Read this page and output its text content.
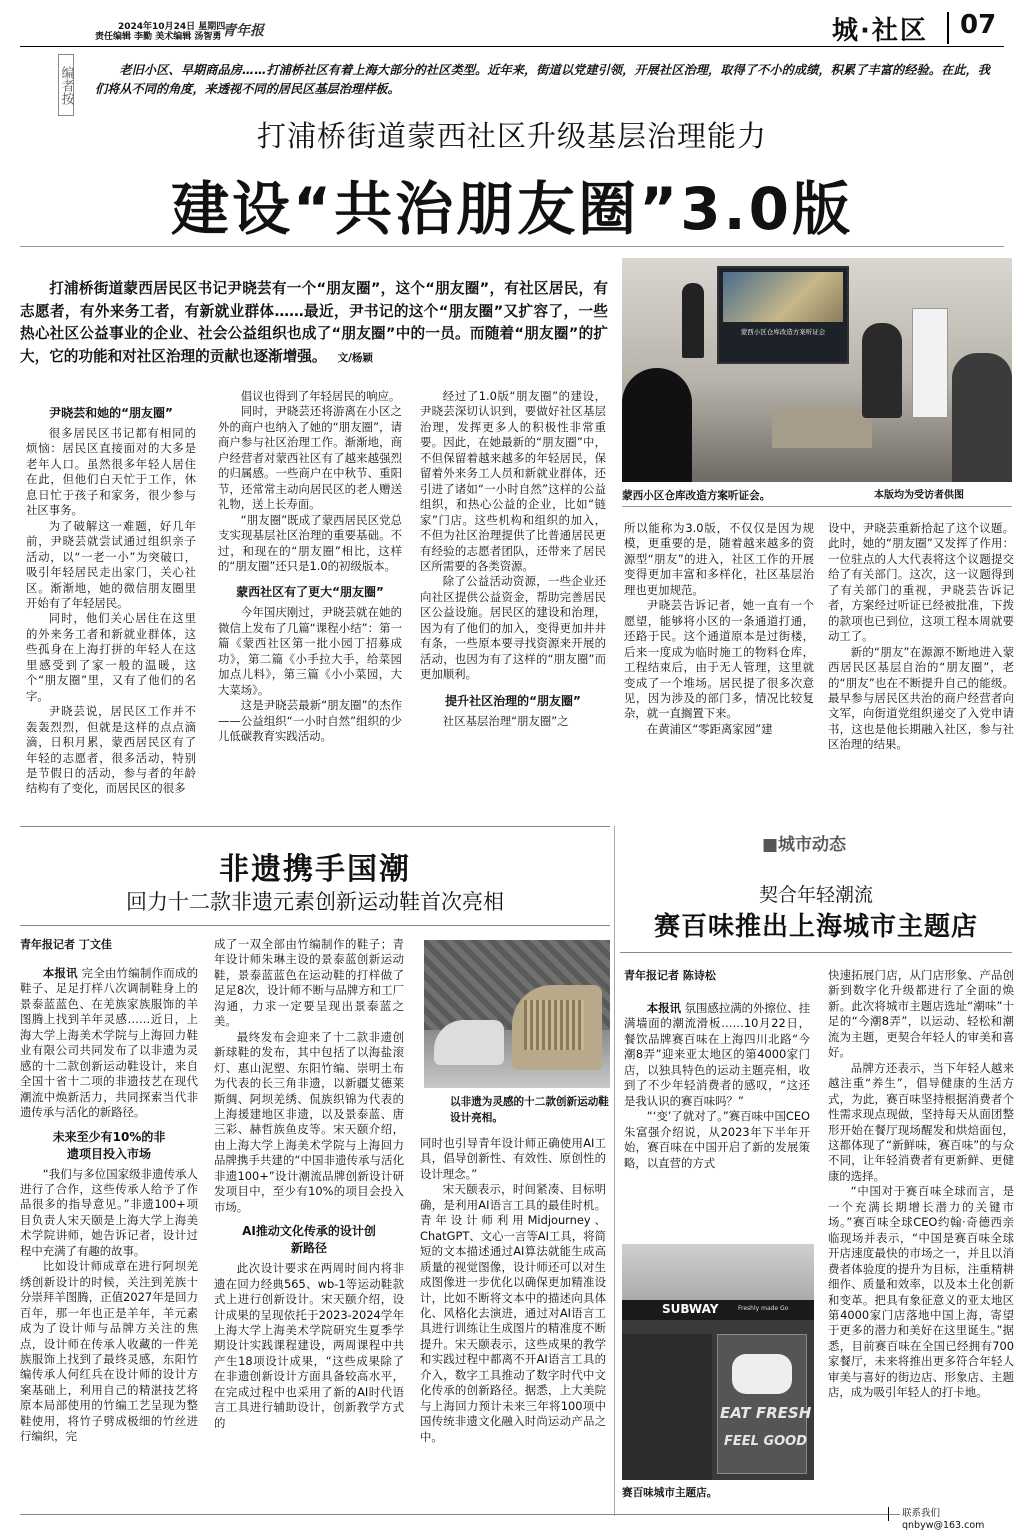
2024年10月24日 星期四
责任编辑 李勤 美术编辑 汤智勇 青年报	城·社区 07
编者按	老旧小区、早期商品房……打浦桥社区有着上海大部分的社区类型。近年来，街道以党建引领，开展社区治理，取得了不小的成绩，积累了丰富的经验。在此，我们将从不同的角度，来透视不同的居民区基层治理样板。
打浦桥街道蒙西社区升级基层治理能力
建设“共治朋友圈”3.0版
打浦桥街道蒙西居民区书记尹晓芸有一个“朋友圈”，这个“朋友圈”，有社区居民，有志愿者，有外来务工者，有新就业群体……最近，尹书记的这个“朋友圈”又扩容了，一些热心社区公益事业的企业、社会公益组织也成了“朋友圈”中的一员。而随着“朋友圈”的扩大，它的功能和对社区治理的贡献也逐渐增强。 文/杨颖
蒙西小区仓库改造方案听证会
蒙西小区仓库改造方案听证会。	本版均为受访者供图
尹晓芸和她的“朋友圈”

很多居民区书记都有相同的烦恼：居民区直接面对的大多是老年人口。虽然很多年轻人居住在此，但他们白天忙于工作，休息日忙于孩子和家务，很少参与社区事务。

为了破解这一难题，好几年前，尹晓芸就尝试通过组织亲子活动，以“一老一小”为突破口，吸引年轻居民走出家门，关心社区。渐渐地，她的微信朋友圈里开始有了年轻居民。

同时，他们关心居住在这里的外来务工者和新就业群体，这些孤身在上海打拼的年轻人在这里感受到了家一般的温暖，这个“朋友圈”里，又有了他们的名字。

尹晓芸说，居民区工作并不轰轰烈烈，但就是这样的点点滴滴，日积月累，蒙西居民区有了年轻的志愿者，很多活动，特别是节假日的活动，参与者的年龄结构有了变化，而居民区的很多

倡议也得到了年轻居民的响应。

同时，尹晓芸还将游离在小区之外的商户也纳入了她的“朋友圈”，请商户参与社区治理工作。渐渐地，商户经营者对蒙西社区有了越来越强烈的归属感。一些商户在中秋节、重阳节，还常常主动向居民区的老人赠送礼物，送上长寿面。

“朋友圈”既成了蒙西居民区党总支实现基层社区治理的重要基础。不过，和现在的“朋友圈”相比，这样的“朋友圈”还只是1.0的初级版本。

蒙西社区有了更大“朋友圈”

今年国庆刚过，尹晓芸就在她的微信上发布了几篇“课程小结”：第一篇《蒙西社区第一批小园丁招募成功》，第二篇《小手拉大手，给菜园加点儿料》，第三篇《小小菜园，大大菜场》。

这是尹晓芸最新“朋友圈”的杰作——公益组织“一小时自然”组织的少儿低碳教育实践活动。

经过了1.0版“朋友圈”的建设，尹晓芸深切认识到，要做好社区基层治理，发挥更多人的积极性非常重要。因此，在她最新的“朋友圈”中，不但保留着越来越多的年轻居民，保留着外来务工人员和新就业群体，还引进了诸如“一小时自然”这样的公益组织，和热心公益的企业，比如“链家”门店。这些机构和组织的加入，不但为社区治理提供了比普通居民更有经验的志愿者团队，还带来了居民区所需要的各类资源。

除了公益活动资源，一些企业还向社区提供公益资金，帮助完善居民区公益设施。居民区的建设和治理，因为有了他们的加入，变得更加井井有条，一些原本要寻找资源来开展的活动，也因为有了这样的“朋友圈”而更加顺利。

提升社区治理的“朋友圈”

社区基层治理“朋友圈”之

所以能称为3.0版，不仅仅是因为规模，更重要的是，随着越来越多的资源型“朋友”的进入，社区工作的开展变得更加丰富和多样化，社区基层治理也更加规范。

尹晓芸告诉记者，她一直有一个愿望，能够将小区的一条通道打通，还路于民。这个通道原本是过街楼，后来一度成为临时施工的物料仓库，工程结束后，由于无人管理，这里就变成了一个堆场。居民提了很多次意见，因为涉及的部门多，情况比较复杂，就一直搁置下来。

在黄浦区“零距离家园”建

设中，尹晓芸重新拾起了这个议题。此时，她的“朋友圈”又发挥了作用：一位驻点的人大代表将这个议题提交给了有关部门。这次，这一议题得到了有关部门的重视，尹晓芸告诉记者，方案经过听证已经被批准，下拨的款项也已到位，这项工程本周就要动工了。

新的“朋友”在源源不断地进入蒙西居民区基层自治的“朋友圈”，老的“朋友”也在不断提升自己的能级。最早参与居民区共治的商户经营者向文军，向街道党组织递交了入党申请书，这也是他长期融入社区，参与社区治理的结果。

非遗携手国潮
回力十二款非遗元素创新运动鞋首次亮相
青年报记者 丁文佳

本报讯 完全由竹编制作而成的鞋子、足足打样八次调制鞋身上的景泰蓝蓝色、在羌族家族服饰的羊图腾上找到羊年灵感……近日，上海大学上海美术学院与上海回力鞋业有限公司共同发布了以非遗为灵感的十二款创新运动鞋设计，来自全国十省十二项的非遗技艺在现代潮流中焕新活力，共同探索当代非遗传承与活化的新路径。

未来至少有10%的非遗项目投入市场

“我们与多位国家级非遗传承人进行了合作，这些传承人给予了作品很多的指导意见。”非遗100+项目负责人宋天颐是上海大学上海美术学院讲师，她告诉记者，设计过程中充满了有趣的故事。

比如设计师成章在进行阿坝羌绣创新设计的时候，关注到羌族十分崇拜羊图腾，正值2027年是回力百年，那一年也正是羊年，羊元素成为了设计师与品牌方关注的焦点，设计师在传承人收藏的一件羌族服饰上找到了最终灵感，东阳竹编传承人何红兵在设计师的设计方案基础上，利用自己的精湛技艺将原本局部使用的竹编工艺呈现为整鞋使用，将竹子劈成极细的竹丝进行编织，完

成了一双全部由竹编制作的鞋子；青年设计师朱琳主设的景泰蓝创新运动鞋，景泰蓝蓝色在运动鞋的打样做了足足8次，设计师不断与品牌方和工厂沟通，力求一定要呈现出景泰蓝之美。

最终发布会迎来了十二款非遗创新球鞋的发布，其中包括了以海盐滚灯、惠山泥塑、东阳竹编、崇明土布为代表的长三角非遗，以新疆艾德莱斯绸、阿坝羌绣、侃族织锦为代表的上海援建地区非遗，以及景泰蓝、唐三彩、赫哲族鱼皮等。宋天颐介绍，由上海大学上海美术学院与上海回力品牌携手共建的“中国非遗传承与活化非遗100+”设计潮流品牌创新设计研发项目中，至少有10%的项目会投入市场。

AI推动文化传承的设计创新路径

此次设计要求在两周时间内将非遗在回力经典565、wb-1等运动鞋款式上进行创新设计。宋天颐介绍，设计成果的呈现依托于2023-2024学年上海大学上海美术学院研究生夏季学期设计实践课程建设，两周课程中共产生18项设计成果，“这些成果除了在非遗创新设计方面具备较高水平，在完成过程中也采用了新的AI时代语言工具进行辅助设计，创新教学方式的

以非遗为灵感的十二款创新运动鞋设计亮相。

同时也引导青年设计师正确使用AI工具，倡导创新性、有效性、原创性的设计理念。”

宋天颐表示，时间紧凑、目标明确，是利用AI语言工具的最佳时机。青年设计师利用Midjourney、ChatGPT、文心一言等AI工具，将简短的文本描述通过AI算法就能生成高质量的视觉图像，设计师还可以对生成图像进一步优化以确保更加精准设计，比如不断将文本中的描述向具体化、风格化去演进，通过对AI语言工具进行训练让生成图片的精准度不断提升。宋天颐表示，这些成果的教学和实践过程中都离不开AI语言工具的介入，数字工具推动了数字时代中文化传承的创新路径。据悉，上大美院与上海回力预计未来三年将100项中国传统非遗文化融入时尚运动产品之中。

■城市动态
契合年轻潮流
赛百味推出上海城市主题店
青年报记者 陈诗松

本报讯 氛围感拉满的外擦位、挂满墙面的潮流滑板……10月22日，餐饮品牌赛百味在上海四川北路“今潮8弄”迎来亚太地区的第4000家门店，以独具特色的运动主题亮相，收到了不少年轻消费者的感叹，“这还是我认识的赛百味吗？”

“‘变’了就对了。”赛百味中国CEO朱富强介绍说，从2023年下半年开始，赛百味在中国开启了新的发展策略，以直营的方式

SUBWAY	Freshly made Go
EAT FRESH
FEEL GOOD
赛百味城市主题店。

快速拓展门店，从门店形象、产品创新到数字化升级都进行了全面的焕新。此次将城市主题店选址“潮味”十足的“今潮8弄”，以运动、轻松和潮流为主题，更契合年轻人的审美和喜好。

品牌方还表示，当下年轻人越来越注重“养生”，倡导健康的生活方式，为此，赛百味坚持根据消费者个性需求现点现做，坚持每天从面团整形开始在餐厅现场醒发和烘焙面包，这都体现了“新鲜味，赛百味”的与众不同，让年轻消费者有更新鲜、更健康的选择。

“中国对于赛百味全球而言，是一个充满长期增长潜力的关键市场。”赛百味全球CEO约翰·奇德西亲临现场并表示，“中国是赛百味全球开店速度最快的市场之一，并且以消费者体验度的提升为目标，注重精耕细作、质量和效率，以及本土化创新和变革。把具有象征意义的亚太地区第4000家门店落地中国上海，寄望于更多的潜力和美好在这里诞生。”据悉，目前赛百味在全国已经拥有700家餐厅，未来将推出更多符合年轻人审美与喜好的街边店、形象店、主题店，成为吸引年轻人的打卡地。

联系我们 qnbyw@163.com
